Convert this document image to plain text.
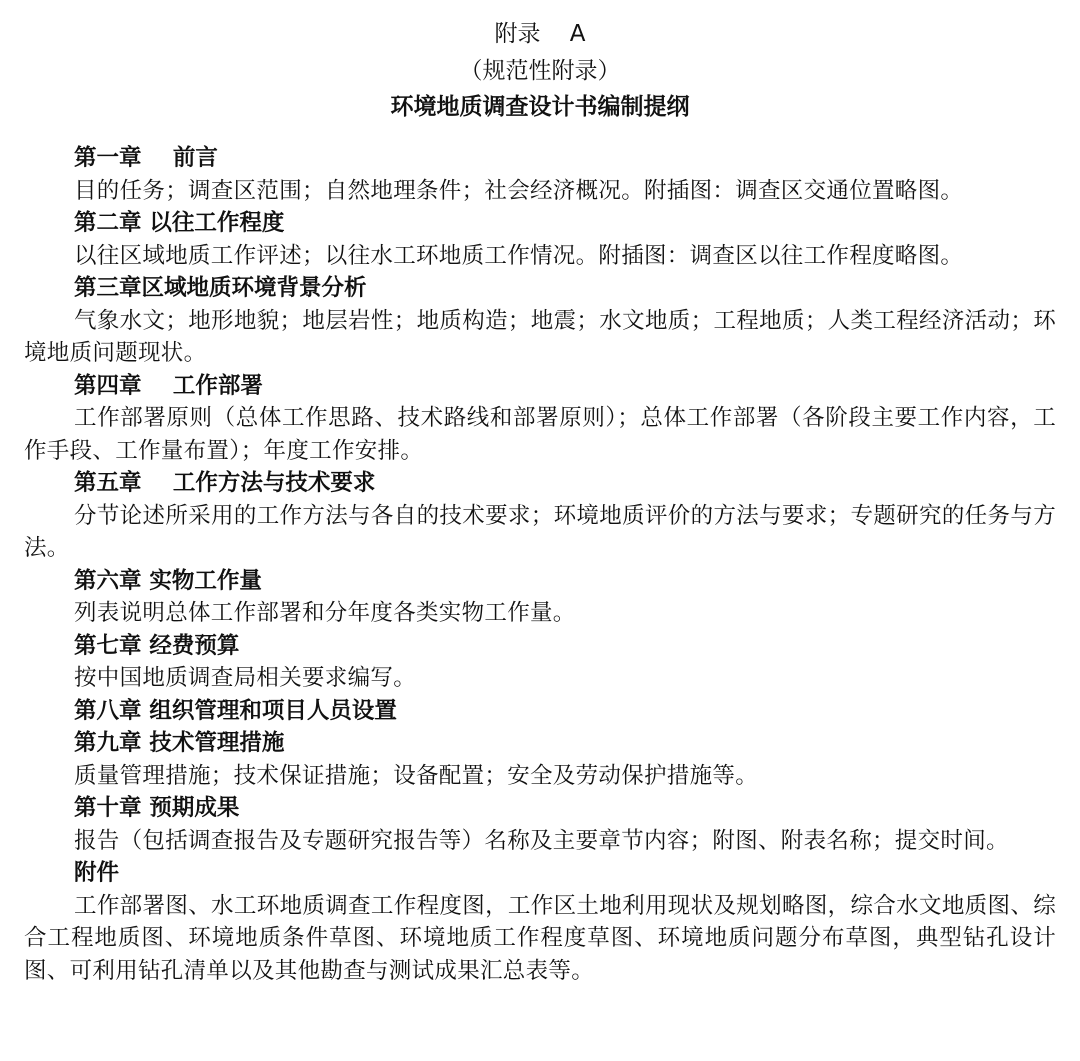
附录    A
（规范性附录）
环境地质调查设计书编制提纲
第一章    前言
目的任务；调查区范围；自然地理条件；社会经济概况。附插图：调查区交通位置略图。
第二章 以往工作程度
以往区域地质工作评述；以往水工环地质工作情况。附插图：调查区以往工作程度略图。
第三章区域地质环境背景分析
气象水文；地形地貌；地层岩性；地质构造；地震；水文地质；工程地质；人类工程经济活动；环境地质问题现状。
第四章    工作部署
工作部署原则（总体工作思路、技术路线和部署原则）；总体工作部署（各阶段主要工作内容，工作手段、工作量布置）；年度工作安排。
第五章    工作方法与技术要求
分节论述所采用的工作方法与各自的技术要求；环境地质评价的方法与要求；专题研究的任务与方法。
第六章 实物工作量
列表说明总体工作部署和分年度各类实物工作量。
第七章 经费预算
按中国地质调查局相关要求编写。
第八章 组织管理和项目人员设置
第九章 技术管理措施
质量管理措施；技术保证措施；设备配置；安全及劳动保护措施等。
第十章 预期成果
报告（包括调查报告及专题研究报告等）名称及主要章节内容；附图、附表名称；提交时间。
附件
工作部署图、水工环地质调查工作程度图，工作区土地利用现状及规划略图，综合水文地质图、综合工程地质图、环境地质条件草图、环境地质工作程度草图、环境地质问题分布草图，典型钻孔设计图、可利用钻孔清单以及其他勘查与测试成果汇总表等。
